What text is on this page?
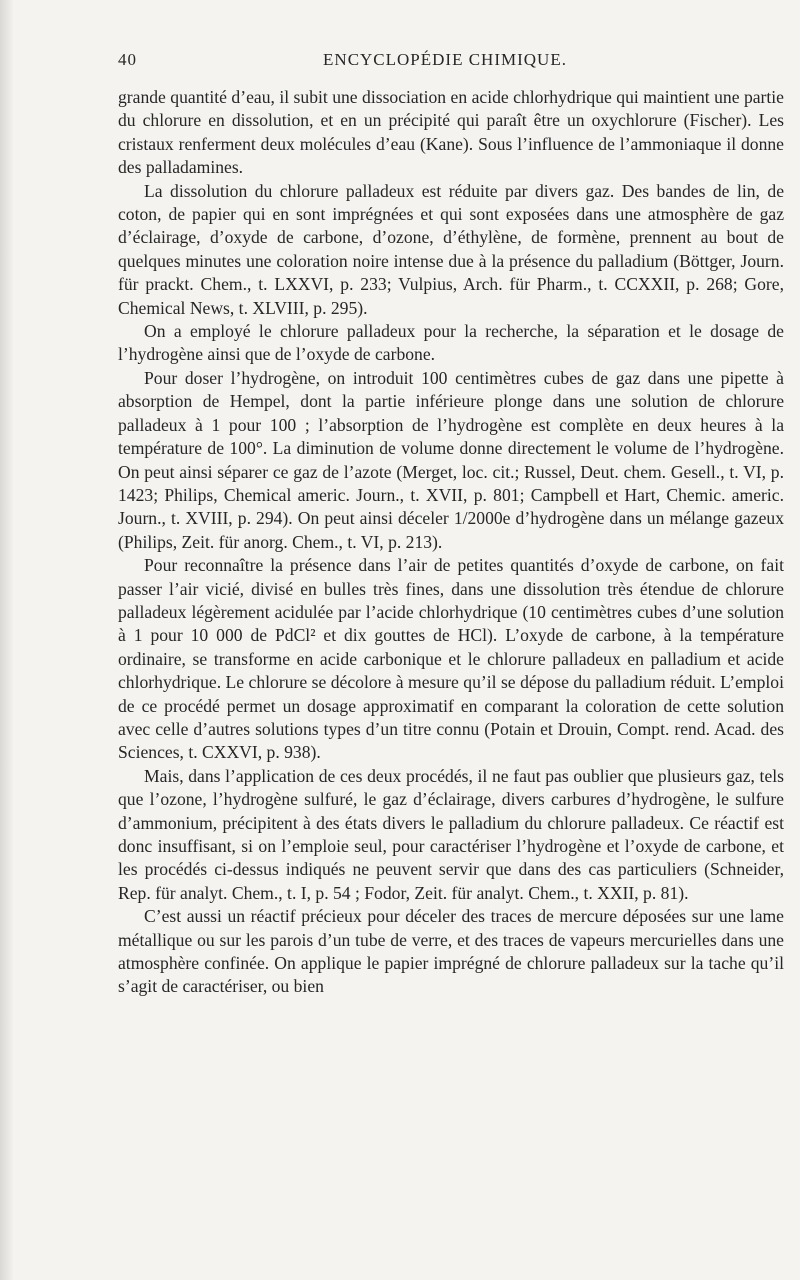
40	ENCYCLOPÉDIE CHIMIQUE.

grande quantité d’eau, il subit une dissociation en acide chlorhydrique qui maintient une partie du chlorure en dissolution, et en un précipité qui paraît être un oxychlorure (Fischer). Les cristaux renferment deux molécules d’eau (Kane). Sous l’influence de l’ammoniaque il donne des palladamines.

La dissolution du chlorure palladeux est réduite par divers gaz. Des bandes de lin, de coton, de papier qui en sont imprégnées et qui sont exposées dans une atmosphère de gaz d’éclairage, d’oxyde de carbone, d’ozone, d’éthylène, de formène, prennent au bout de quelques minutes une coloration noire intense due à la présence du palladium (Böttger, Journ. für prackt. Chem., t. LXXVI, p. 233; Vulpius, Arch. für Pharm., t. CCXXII, p. 268; Gore, Chemical News, t. XLVIII, p. 295).

On a employé le chlorure palladeux pour la recherche, la séparation et le dosage de l’hydrogène ainsi que de l’oxyde de carbone.

Pour doser l’hydrogène, on introduit 100 centimètres cubes de gaz dans une pipette à absorption de Hempel, dont la partie inférieure plonge dans une solution de chlorure palladeux à 1 pour 100 ; l’absorption de l’hydrogène est complète en deux heures à la température de 100°. La diminution de volume donne directement le volume de l’hydrogène. On peut ainsi séparer ce gaz de l’azote (Merget, loc. cit.; Russel, Deut. chem. Gesell., t. VI, p. 1423; Philips, Chemical americ. Journ., t. XVII, p. 801; Campbell et Hart, Chemic. americ. Journ., t. XVIII, p. 294). On peut ainsi déceler 1/2000e d’hydrogène dans un mélange gazeux (Philips, Zeit. für anorg. Chem., t. VI, p. 213).

Pour reconnaître la présence dans l’air de petites quantités d’oxyde de carbone, on fait passer l’air vicié, divisé en bulles très fines, dans une dissolution très étendue de chlorure palladeux légèrement acidulée par l’acide chlorhydrique (10 centimètres cubes d’une solution à 1 pour 10 000 de PdCl² et dix gouttes de HCl). L’oxyde de carbone, à la température ordinaire, se transforme en acide carbonique et le chlorure palladeux en palladium et acide chlorhydrique. Le chlorure se décolore à mesure qu’il se dépose du palladium réduit. L’emploi de ce procédé permet un dosage approximatif en comparant la coloration de cette solution avec celle d’autres solutions types d’un titre connu (Potain et Drouin, Compt. rend. Acad. des Sciences, t. CXXVI, p. 938).

Mais, dans l’application de ces deux procédés, il ne faut pas oublier que plusieurs gaz, tels que l’ozone, l’hydrogène sulfuré, le gaz d’éclairage, divers carbures d’hydrogène, le sulfure d’ammonium, précipitent à des états divers le palladium du chlorure palladeux. Ce réactif est donc insuffisant, si on l’emploie seul, pour caractériser l’hydrogène et l’oxyde de carbone, et les procédés ci-dessus indiqués ne peuvent servir que dans des cas particuliers (Schneider, Rep. für analyt. Chem., t. I, p. 54 ; Fodor, Zeit. für analyt. Chem., t. XXII, p. 81).

C’est aussi un réactif précieux pour déceler des traces de mercure déposées sur une lame métallique ou sur les parois d’un tube de verre, et des traces de vapeurs mercurielles dans une atmosphère confinée. On applique le papier imprégné de chlorure palladeux sur la tache qu’il s’agit de caractériser, ou bien
